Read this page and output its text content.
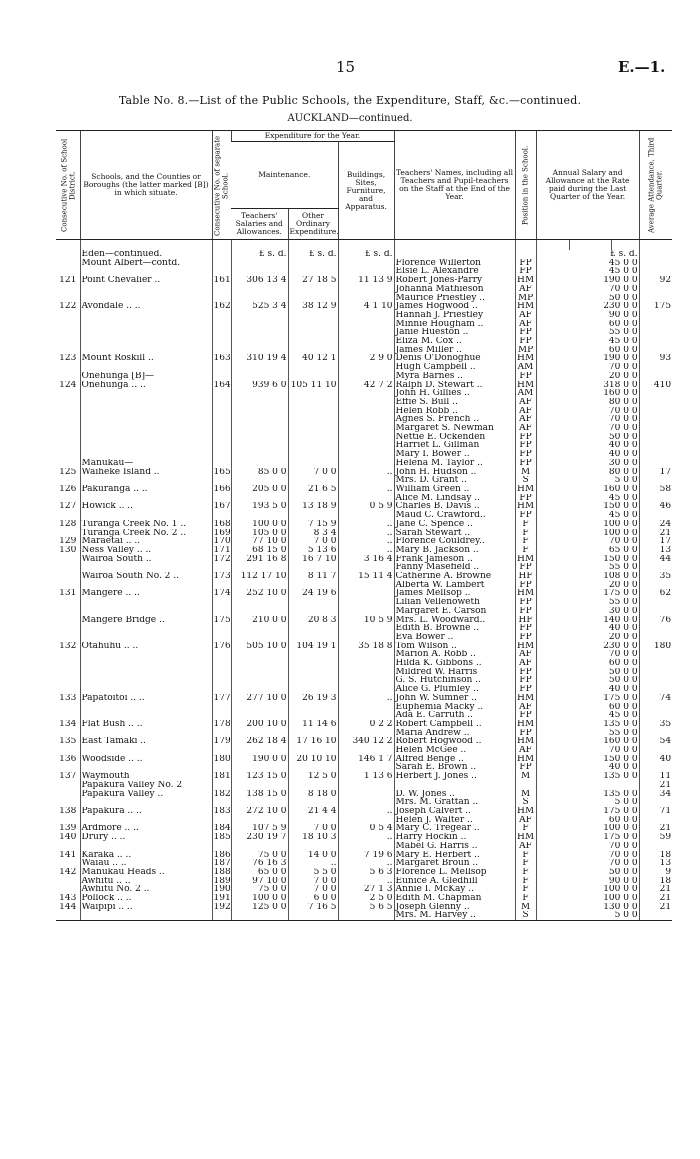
15	E.—1.
Table No. 8.—List of the Public Schools, the Expenditure, Staff, &c.—continued.
AUCKLAND—continued.
Consecutive No. of School District.	Schools, and the Counties or Boroughs (the latter marked [B]) in which situate.	Consecutive No. of separate School.	Expenditure for the Year.			Teachers' Names, including all Teachers and Pupil-teachers on the Staff at the End of the Year.	Position in the School.	Annual Salary and Allowance at the Rate paid during the Last Quarter of the Year.			Average Attendance, Third Quarter.
			Maintenance.		Buildings, Sites, Furniture, and Apparatus.						
			Teachers' Salaries and Allowances.	Other Ordinary Expenditure.							

	Eden—continued.		£ s. d.	£ s. d.	£ s. d.			£ s. d.			
	Mount Albert—contd.					Florence Willerton	FP	45 0 0			
						Elsie L. Alexandre	FP	45 0 0			
121	Point Chevalier ..	161	306 13 4	27 18 5	11 13 9	Robert Jones-Parry	HM	190 0 0			92
						Johanna Mathieson	AF	70 0 0			
						Maurice Priestley ..	MP	50 0 0			
122	Avondale .. ..	162	525 3 4	38 12 9	4 1 10	James Hogwood ..	HM	230 0 0			175
						Hannah J. Priestley	AF	90 0 0			
						Minnie Hougham ..	AF	60 0 0			
						Janie Hueston ..	FP	55 0 0			
						Eliza M. Cox ..	FP	45 0 0			
						James Miller ..	MP	60 0 0			
123	Mount Roskill ..	163	310 19 4	40 12 1	2 9 0	Denis O'Donoghue	HM	190 0 0			93
						Hugh Campbell ..	AM	70 0 0			
	Onehunga [B]—					Myra Barnes ..	FP	20 0 0			
124	Onehunga .. ..	164	939 6 0	105 11 10	42 7 2	Ralph D. Stewart ..	HM	318 0 0			410
						John H. Gillies ..	AM	160 0 0			
						Effie S. Bull ..	AF	80 0 0			
						Helen Robb ..	AF	70 0 0			
						Agnes S. French ..	AF	70 0 0			
						Margaret S. Newman	AF	70 0 0			
						Nettie E. Ockenden	FP	50 0 0			
						Harriet L. Gillman	FP	40 0 0			
						Mary I. Bower ..	FP	40 0 0			
	Manukau—					Helena M. Taylor ..	FP	30 0 0			
125	Waiheke Island ..	165	85 0 0	7 0 0	..	John H. Hudson ..	M	80 0 0			17
						Mrs. D. Grant ..	S	5 0 0			
126	Pakuranga .. ..	166	205 0 0	21 6 5	..	William Green ..	HM	160 0 0			58
						Alice M. Lindsay ..	FP	45 0 0			
127	Howick .. ..	167	193 5 0	13 18 9	0 5 9	Charles B. Davis ..	HM	150 0 0			46
						Maud C. Crawford..	FP	45 0 0			
128	Turanga Creek No. 1 ..	168	100 0 0	7 15 9	..	Jane C. Spence ..	F	100 0 0			24
	Turanga Creek No. 2 ..	169	105 0 0	8 3 4	..	Sarah Stewart ..	F	100 0 0			21
129	Maraetai .. ..	170	77 10 0	7 0 0	..	Florence Couldrey..	F	70 0 0			17
130	Ness Valley .. ..	171	68 15 0	5 13 6	..	Mary B. Jackson ..	F	65 0 0			13
	Wairoa South ..	172	291 16 8	16 7 10	3 16 4	Frank Jameson ..	HM	150 0 0			44
						Fanny Masefield ..	FP	55 0 0			
	Wairoa South No. 2 ..	173	112 17 10	8 11 7	15 11 4	Catherine A. Browne	HF	108 0 0			35
						Alberta W. Lambert	FP	20 0 0			
131	Mangere .. ..	174	252 10 0	24 19 6		James Mellsop ..	HM	175 0 0			62
						Lilian Vellenoweth	FP	55 0 0			
						Margaret E. Carson	FP	30 0 0			
	Mangere Bridge ..	175	210 0 0	20 8 3	10 5 9	Mrs. L. Woodward..	HF	140 0 0			76
						Edith B. Browne ..	FP	40 0 0			
						Eva Bower ..	FP	20 0 0			
132	Otahuhu .. ..	176	505 10 0	104 19 1	35 18 8	Tom Wilson ..	HM	230 0 0			180
						Marion A. Robb ..	AF	70 0 0			
						Hilda K. Gibbons ..	AF	60 0 0			
						Mildred W. Harris	FP	50 0 0			
						G. S. Hutchinson ..	FP	50 0 0			
						Alice G. Plumley ..	FP	40 0 0			
133	Papatoitoi .. ..	177	277 10 0	26 19 3	..	John W. Sumner ..	HM	175 0 0			74
						Euphemia Macky ..	AF	60 0 0			
						Ada E. Carruth ..	FP	45 0 0			
134	Flat Bush .. ..	178	200 10 0	11 14 6	0 2 2	Robert Campbell ..	HM	135 0 0			35
						Maria Andrew ..	FP	55 0 0			
135	East Tamaki ..	179	262 18 4	17 16 10	340 12 2	Robert Hogwood ..	HM	160 0 0			54
						Helen McGee ..	AF	70 0 0			
136	Woodside .. ..	180	190 0 0	20 10 10	146 1 7	Alfred Benge ..	HM	150 0 0			40
						Sarah E. Brown ..	FP	40 0 0			
137	Waymouth	181	123 15 0	12 5 0	1 13 6	Herbert J. Jones ..	M	135 0 0			11
	Papakura Valley No. 2										21
	Papakura Valley ..	182	138 15 0	8 18 0		D. W. Jones ..	M	135 0 0			34
						Mrs. M. Grattan ..	S	5 0 0			
138	Papakura .. ..	183	272 10 0	21 4 4	..	Joseph Calvert ..	HM	175 0 0			71
						Helen J. Walter ..	AF	60 0 0			
139	Ardmore .. ..	184	107 5 9	7 0 0	0 5 4	Mary C. Tregear ..	F	100 0 0			21
140	Drury .. ..	185	230 19 7	18 10 3	..	Harry Hockin ..	HM	175 0 0			59
						Mabel G. Harris ..	AF	70 0 0			
141	Karaka .. ..	186	75 0 0	14 0 0	7 19 6	Mary E. Herbert ..	F	70 0 0			18
	Waiau .. ..	187	76 16 3	..	..	Margaret Broun ..	F	70 0 0			13
142	Manukau Heads ..	188	65 0 0	5 5 0	5 6 3	Florence L. Mellsop	F	50 0 0			9
	Awhitu .. ..	189	97 10 0	7 0 0	..	Eunice A. Gledhill	F	90 0 0			18
	Awhitu No. 2 ..	190	75 0 0	7 0 0	27 1 3	Annie I. McKay ..	F	100 0 0			21
143	Pollock .. ..	191	100 0 0	6 0 0	2 5 0	Edith M. Chapman	F	100 0 0			21
144	Waipipi .. ..	192	125 0 0	7 16 5	5 6 5	Joseph Glenny ..	M	130 0 0			21
						Mrs. M. Harvey ..	S	5 0 0			
